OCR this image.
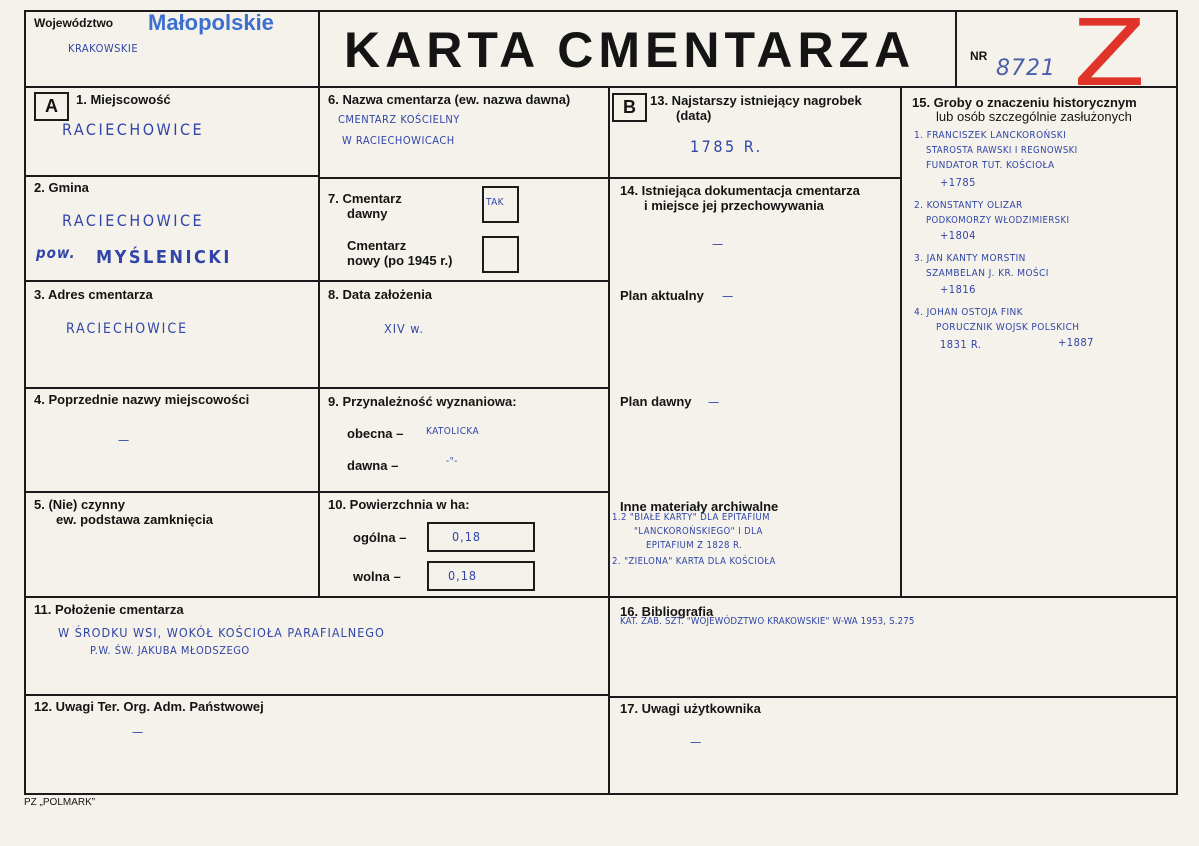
Województwo Małopolskie
KRAKOWSKIE	KARTA CMENTARZA	NR 8721 Z
A	1. Miejscowość
RACIECHOWICE
2. Gmina
RACIECHOWICE
pow. MYŚLENICKI
3. Adres cmentarza
RACIECHOWICE
4. Poprzednie nazwy miejscowości
—
5. (Nie) czynny
ew. podstawa zamknięcia
6. Nazwa cmentarza (ew. nazwa dawna)
CMENTARZ KOŚCIELNY
W RACIECHOWICACH
7. Cmentarz
dawny
TAK
Cmentarz
nowy (po 1945 r.)
8. Data założenia
XIV w.
9. Przynależność wyznaniowa:
obecna – KATOLICKA
dawna –	-"-
10. Powierzchnia w ha:
ogólna –	0,18
wolna –	0,18
B	13. Najstarszy istniejący nagrobek
(data)
1785 R.
14. Istniejąca dokumentacja cmentarza
i miejsce jej przechowywania
—
Plan aktualny —
Plan dawny —
Inne materiały archiwalne
1.2 "BIAŁE KARTY" DLA EPITAFIUM
"LANCKOROŃSKIEGO" I DLA
EPITAFIUM Z 1828 R.
2. "ZIELONA" KARTA DLA KOŚCIOŁA
15. Groby o znaczeniu historycznym
lub osób szczególnie zasłużonych
1. FRANCISZEK LANCKOROŃSKI
STAROSTA RAWSKI I REGNOWSKI
FUNDATOR TUT. KOŚCIOŁA
+1785
2. KONSTANTY OLIZAR
PODKOMORZY WŁODZIMIERSKI
+1804
3. JAN KANTY MORSTIN
SZAMBELAN J. KR. MOŚCI
+1816
4. JOHAN OSTOJA FINK
PORUCZNIK WOJSK POLSKICH
1831 R.	+1887
11. Położenie cmentarza
W ŚRODKU WSI, WOKÓŁ KOŚCIOŁA PARAFIALNEGO
P.W. ŚW. JAKUBA MŁODSZEGO
16. Bibliografia
KAT. ZAB. SZT. "WOJEWÓDZTWO KRAKOWSKIE" W-WA 1953, S.275
12. Uwagi Ter. Org. Adm. Państwowej
—
17. Uwagi użytkownika
—
PZ „POLMARK”
